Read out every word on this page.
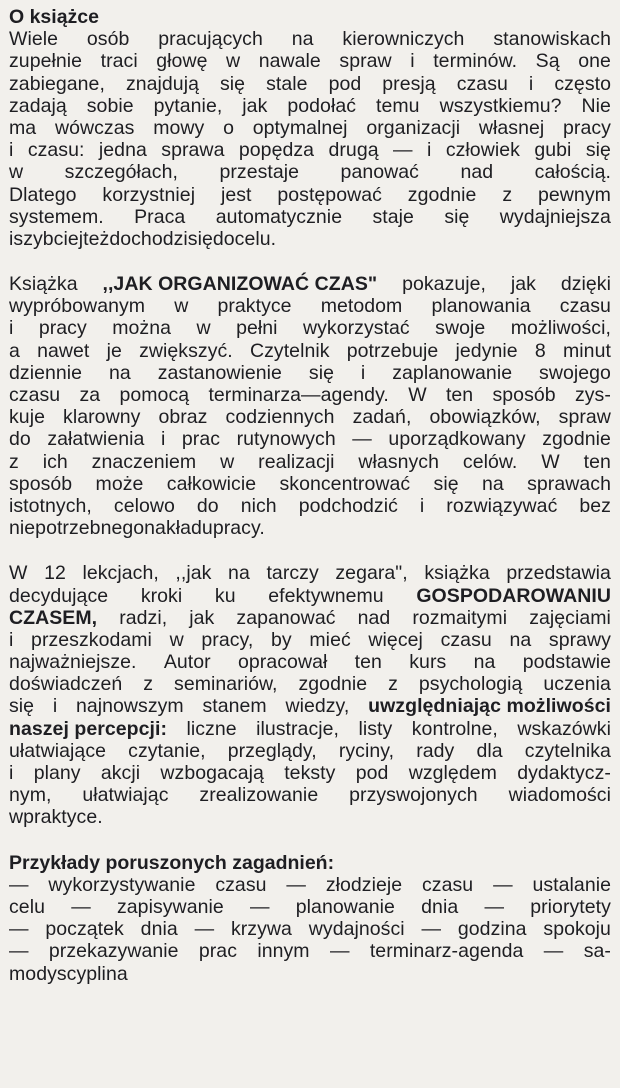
O książce
Wiele osób pracujących na kierowniczych stanowiskach
zupełnie traci głowę w nawale spraw i terminów. Są one
zabiegane, znajdują się stale pod presją czasu i często
zadają sobie pytanie, jak podołać temu wszystkiemu? Nie
ma wówczas mowy o optymalnej organizacji własnej pracy
i czasu: jedna sprawa popędza drugą — i człowiek gubi się
w szczegółach, przestaje panować nad całością.
Dlatego korzystniej jest postępować zgodnie z pewnym
systemem. Praca automatycznie staje się wydajniejsza
i szybciej też dochodzi się do celu.
Książka ,,JAK ORGANIZOWAĆ CZAS" pokazuje, jak dzięki
wypróbowanym w praktyce metodom planowania czasu
i pracy można w pełni wykorzystać swoje możliwości,
a nawet je zwiększyć. Czytelnik potrzebuje jedynie 8 minut
dziennie na zastanowienie się i zaplanowanie swojego
czasu za pomocą terminarza—agendy. W ten sposób zys-
kuje klarowny obraz codziennych zadań, obowiązków, spraw
do załatwienia i prac rutynowych — uporządkowany zgodnie
z ich znaczeniem w realizacji własnych celów. W ten
sposób może całkowicie skoncentrować się na sprawach
istotnych, celowo do nich podchodzić i rozwiązywać bez
niepotrzebnego nakładu pracy.
W 12 lekcjach, ,,jak na tarczy zegara", książka przedstawia
decydujące kroki ku efektywnemu GOSPODAROWANIU
CZASEM, radzi, jak zapanować nad rozmaitymi zajęciami
i przeszkodami w pracy, by mieć więcej czasu na sprawy
najważniejsze. Autor opracował ten kurs na podstawie
doświadczeń z seminariów, zgodnie z psychologią uczenia
się i najnowszym stanem wiedzy, uwzględniając możliwości
naszej percepcji: liczne ilustracje, listy kontrolne, wskazówki
ułatwiające czytanie, przeglądy, ryciny, rady dla czytelnika
i plany akcji wzbogacają teksty pod względem dydaktycz-
nym, ułatwiając zrealizowanie przyswojonych wiadomości
w praktyce.
Przykłady poruszonych zagadnień:
— wykorzystywanie czasu — złodzieje czasu — ustalanie
celu — zapisywanie — planowanie dnia — priorytety
— początek dnia — krzywa wydajności — godzina spokoju
— przekazywanie prac innym — terminarz-agenda — sa-
modyscyplina
